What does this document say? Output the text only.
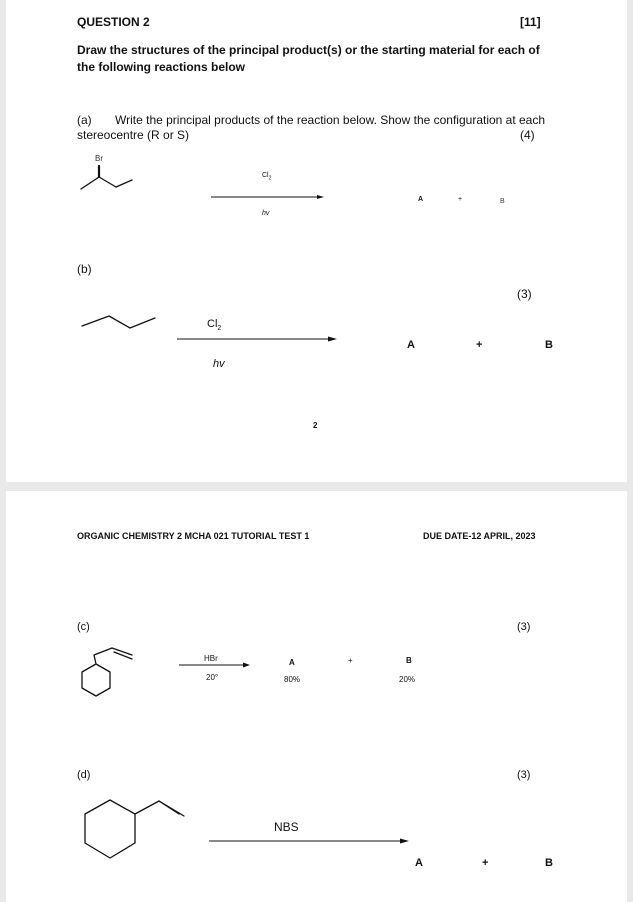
QUESTION 2	[11]
Draw the structures of the principal product(s) or the starting material for each of
the following reactions below
(a) Write the principal products of the reaction below. Show the configuration at each
stereocentre (R or S)	(4)
Br
$Cl_2$
hv
A	+	B
(b)
(3)
$Cl_2$
hv
A	+	B
2
ORGANIC CHEMISTRY 2 MCHA 021 TUTORIAL TEST 1	DUE DATE-12 APRIL, 2023
(c)	(3)
HBr
20°
A	+	B
80%	20%
(d)	(3)
NBS
A	+	B
